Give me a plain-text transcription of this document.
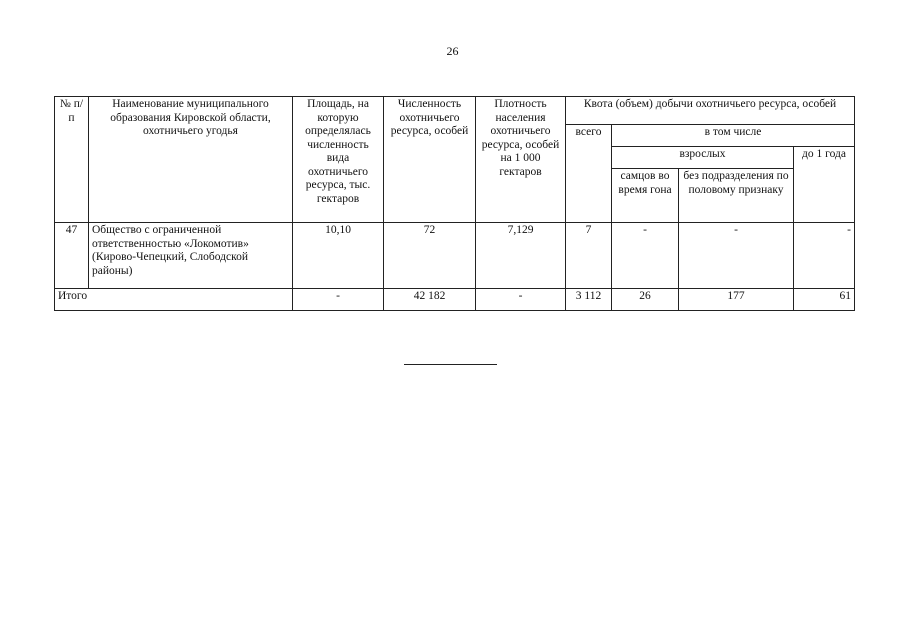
26
№ п/п	Наименование муниципального образования Кировской области, охотничьего угодья	Площадь, на которую определялась численность вида охотничьего ресурса, тыс. гектаров	Численность охотничьего ресурса, особей	Плотность населения охотничьего ресурса, особей на 1 000 гектаров	Квота (объем) добычи охотничьего ресурса, особей			
					всего	в том числе		
						взрослых		до 1 года
						самцов во время гона	без подразделения по половому признаку	
47	Общество с ограниченной ответственностью «Локомотив» (Кирово-Чепецкий, Слободской районы)	10,10	72	7,129	7	-	-	-
Итого		-	42 182	-	3 112	26	177	61
